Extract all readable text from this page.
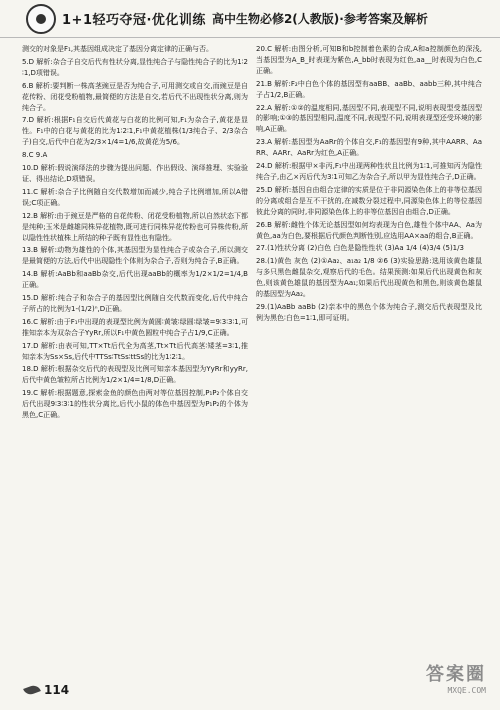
1+1轻巧夺冠·优化训练 高中生物必修2(人教版)·参考答案及解析

测交的对象是F₁,其基因组成决定了基因分离定律的正确与否。

5.D 解析:杂合子自交后代有性状分离,显性纯合子与隐性纯合子的比为1∶2∶1,D项错误。

6.B 解析:要判断一株高茎豌豆是否为纯合子,可用测交或自交,而豌豆是自花传粉、闭花受粉植物,最简便的方法是自交,若后代不出现性状分离,则为纯合子。

7.D 解析:根据F₁自交后代黄花与白花的比例可知,F₁为杂合子,黄花是显性。F₁中的白花与黄花的比为1∶2∶1,F₁中黄花植株(1/3纯合子、2/3杂合子)自交,后代中白花为2/3×1/4=1/6,故黄花为5/6。

8.C 9.A

10.D 解析:假说演绎法的步骤为提出问题、作出假设、演绎推理、实验验证、得出结论,D项错误。

11.C 解析:杂合子比例随自交代数增加而减少,纯合子比例增加,所以A错误;C项正确。

12.B 解析:由于豌豆是严格的自花传粉、闭花受粉植物,所以自然状态下都是纯种;玉米是雌雄同株异花植物,既可进行同株异花传粉也可异株传粉,所以隐性性状植株上所结的种子既有显性也有隐性。

13.B 解析:动物为雄性的个体,其基因型为显性纯合子或杂合子,所以测交是最简便的方法,后代中出现隐性个体则为杂合子,否则为纯合子,B正确。

14.B 解析:AaBb和aaBb杂交,后代出现aaBb的概率为1/2×1/2=1/4,B正确。

15.D 解析:纯合子和杂合子的基因型比例随自交代数而变化,后代中纯合子所占的比例为1-(1/2)ⁿ,D正确。

16.C 解析:由于F₁中出现的表现型比例为黄圆∶黄皱∶绿圆∶绿皱=9∶3∶3∶1,可推知亲本为双杂合子YyRr,所以F₁中黄色圆粒中纯合子占1/9,C正确。

17.D 解析:由表可知,TT×Tt后代全为高茎,Tt×Tt后代高茎∶矮茎=3∶1,推知亲本为Ss×Ss,后代中TTSs∶TtSs∶ttSs的比为1∶2∶1。

18.D 解析:根据杂交后代的表现型及比例可知亲本基因型为YyRr和yyRr,后代中黄色皱粒所占比例为1/2×1/4=1/8,D正确。

19.C 解析:根据题意,探索金鱼的颜色由两对等位基因控制,P₁P₂个体自交后代出现9∶3∶3∶1的性状分离比,后代小鼠的体色中基因型为P₁P₂的个体为黑色,C正确。

20.C 解析:由图分析,可知B和b控制着色素的合成,A和a控制颜色的深浅,当基因型为A_B_时表现为紫色,A_bb时表现为红色,aa__时表现为白色,C正确。

21.B 解析:F₂中白色个体的基因型有aaBB、aaBb、aabb三种,其中纯合子占1/2,B正确。

22.A 解析:①②的温度相同,基因型不同,表现型不同,说明表现型受基因型的影响;①③的基因型相同,温度不同,表现型不同,说明表现型还受环境的影响,A正确。

23.A 解析:基因型为AaRr的个体自交,F₁的基因型有9种,其中AARR、AaRR、AARr、AaRr为红色,A正确。

24.D 解析:根据甲×非丙,F₁中出现两种性状且比例为1∶1,可推知丙为隐性纯合子,由乙×丙后代为3∶1可知乙为杂合子,所以甲为显性纯合子,D正确。

25.D 解析:基因自由组合定律的实质是位于非同源染色体上的非等位基因的分离或组合是互不干扰的,在减数分裂过程中,同源染色体上的等位基因彼此分离的同时,非同源染色体上的非等位基因自由组合,D正确。

26.B 解析:雌性个体无论基因型如何均表现为白色,雄性个体中AA、Aa为黄色,aa为白色,要根据后代颜色判断性别,应选用AA×aa的组合,B正确。

27.(1)性状分离 (2)白色 白色是隐性性状 (3)Aa 1/4 (4)3/4 (5)1/3

28.(1)黄色 灰色 (2)①Aa₂、a₁a₂ 1/8 ②6 (3)实验思路:选用该黄色雄鼠与多只黑色雌鼠杂交,观察后代的毛色。结果预测:如果后代出现黄色和灰色,则该黄色雄鼠的基因型为Aa₁;如果后代出现黄色和黑色,则该黄色雄鼠的基因型为Aa₂。

29.(1)AaBb aaBb (2)亲本中的黑色个体为纯合子,测交后代表现型及比例为黑色∶白色=1∶1,即可证明。

114
答案圈
MXQE.COM
